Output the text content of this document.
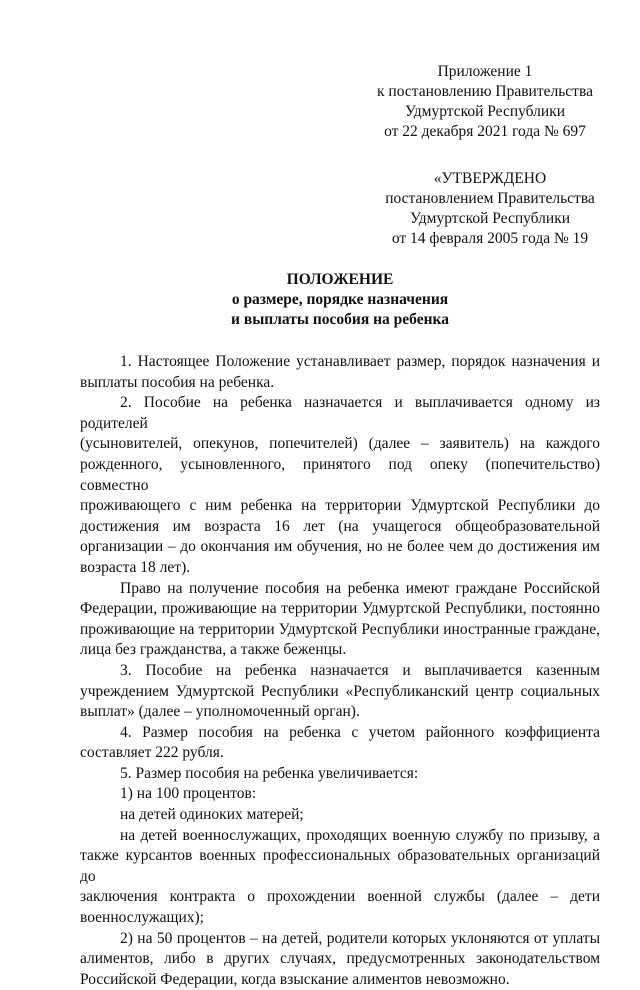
Приложение 1
к постановлению Правительства
Удмуртской Республики
от 22 декабря 2021 года № 697
«УТВЕРЖДЕНО
постановлением Правительства
Удмуртской Республики
от 14 февраля 2005 года № 19
ПОЛОЖЕНИЕ
о размере, порядке назначения
и выплаты пособия на ребенка

1. Настоящее Положение устанавливает размер, порядок назначения и
выплаты пособия на ребенка.

2. Пособие на ребенка назначается и выплачивается одному из родителей
(усыновителей, опекунов, попечителей) (далее – заявитель) на каждого
рожденного, усыновленного, принятого под опеку (попечительство) совместно
проживающего с ним ребенка на территории Удмуртской Республики до
достижения им возраста 16 лет (на учащегося общеобразовательной
организации – до окончания им обучения, но не более чем до достижения им
возраста 18 лет).

Право на получение пособия на ребенка имеют граждане Российской
Федерации, проживающие на территории Удмуртской Республики, постоянно
проживающие на территории Удмуртской Республики иностранные граждане,
лица без гражданства, а также беженцы.

3. Пособие на ребенка назначается и выплачивается казенным
учреждением Удмуртской Республики «Республиканский центр социальных
выплат» (далее – уполномоченный орган).

4. Размер пособия на ребенка с учетом районного коэффициента
составляет 222 рубля.

5. Размер пособия на ребенка увеличивается:

1) на 100 процентов:

на детей одиноких матерей;

на детей военнослужащих, проходящих военную службу по призыву, а
также курсантов военных профессиональных образовательных организаций до
заключения контракта о прохождении военной службы (далее – дети
военнослужащих);

2) на 50 процентов – на детей, родители которых уклоняются от уплаты
алиментов, либо в других случаях, предусмотренных законодательством
Российской Федерации, когда взыскание алиментов невозможно.
